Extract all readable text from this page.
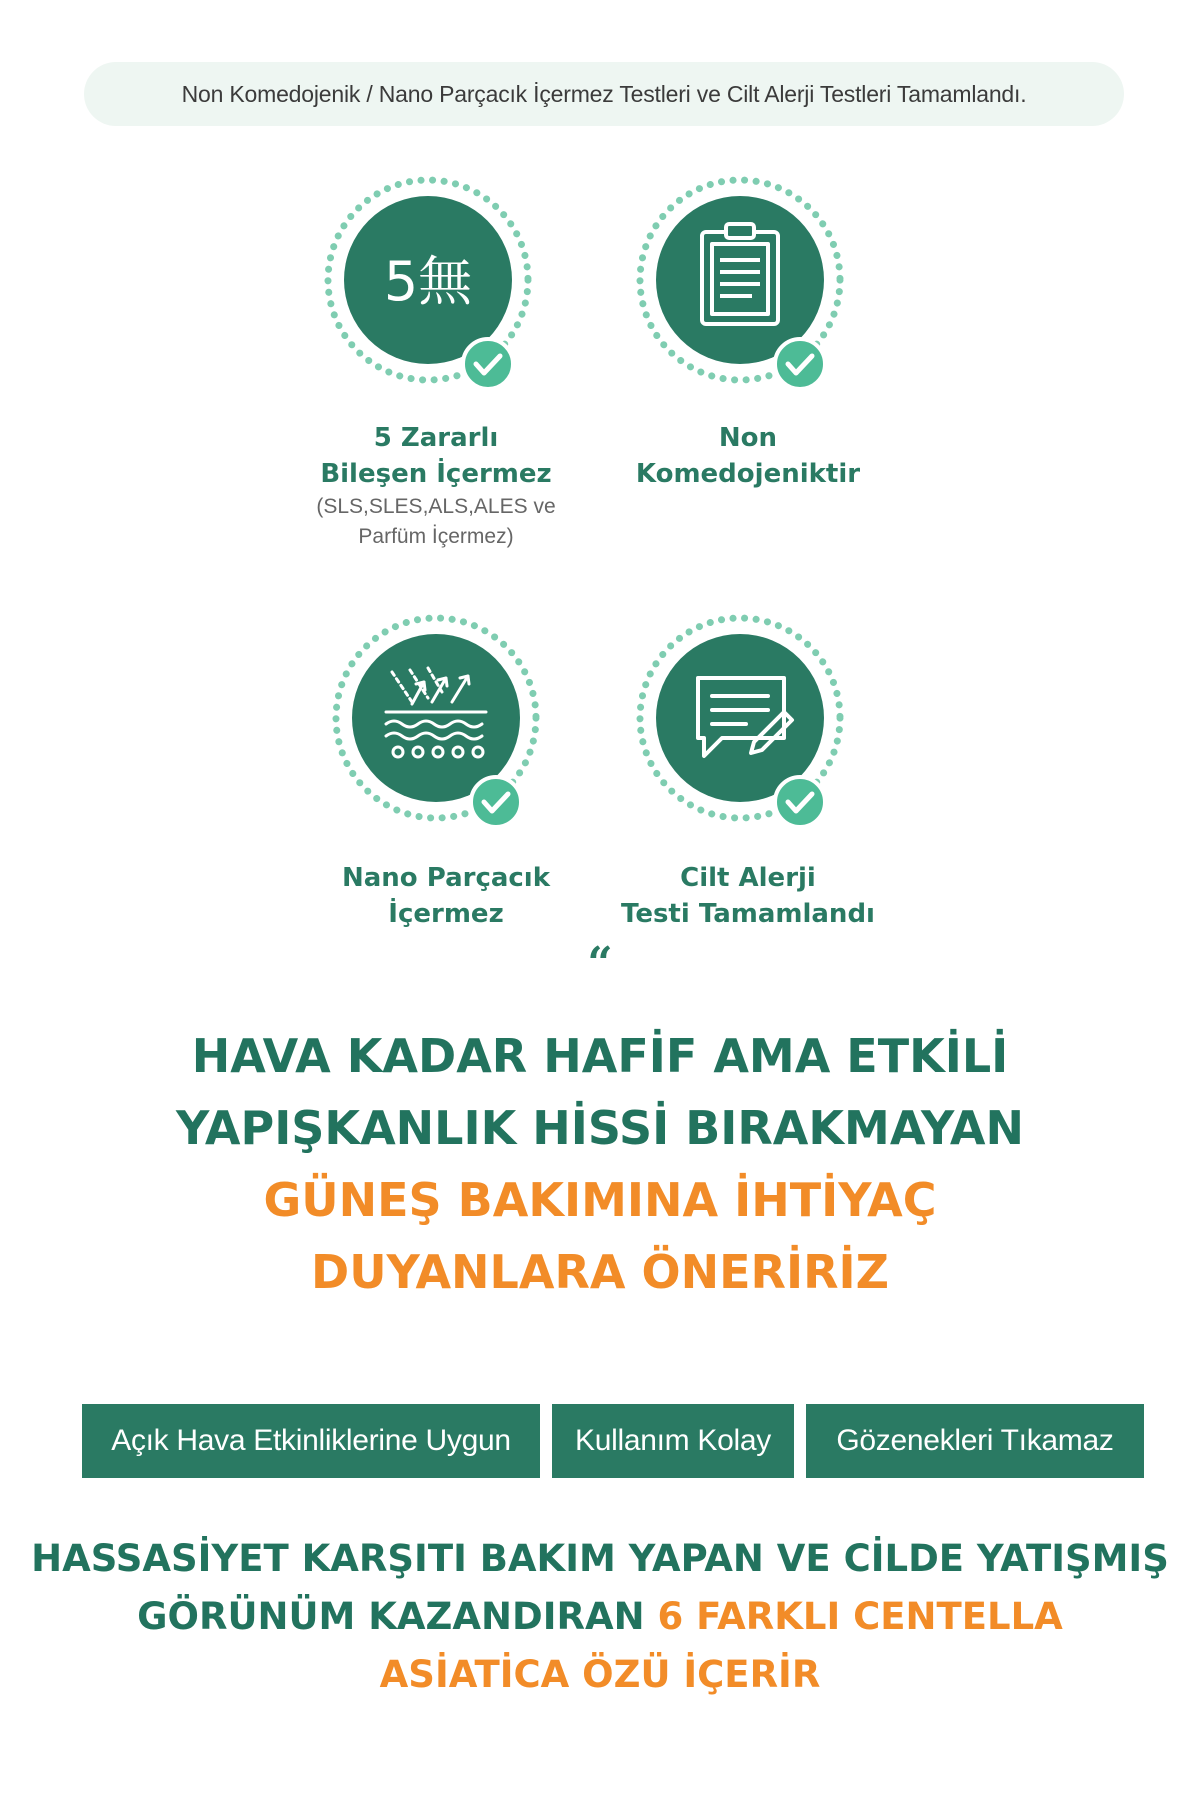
Non Komedojenik / Nano Parçacık İçermez Testleri ve Cilt Alerji Testleri Tamamlandı.
5無

5 Zararlı

Bileşen İçermez

(SLS,SLES,ALS,ALES ve

Parfüm İçermez)

Non

Komedojeniktir

Nano Parçacık

İçermez

Cilt Alerji

Testi Tamamlandı

“
HAVA KADAR HAFİF AMA ETKİLİ
YAPIŞKANLIK HİSSİ BIRAKMAYAN
GÜNEŞ BAKIMINA İHTİYAÇ
DUYANLARA ÖNERİRİZ
Açık Hava Etkinliklerine Uygun	Kullanım Kolay	Gözenekleri Tıkamaz
HASSASİYET KARŞITI BAKIM YAPAN VE CİLDE YATIŞMIŞ
GÖRÜNÜM KAZANDIRAN 6 FARKLI CENTELLA
ASİATİCA ÖZÜ İÇERİR
